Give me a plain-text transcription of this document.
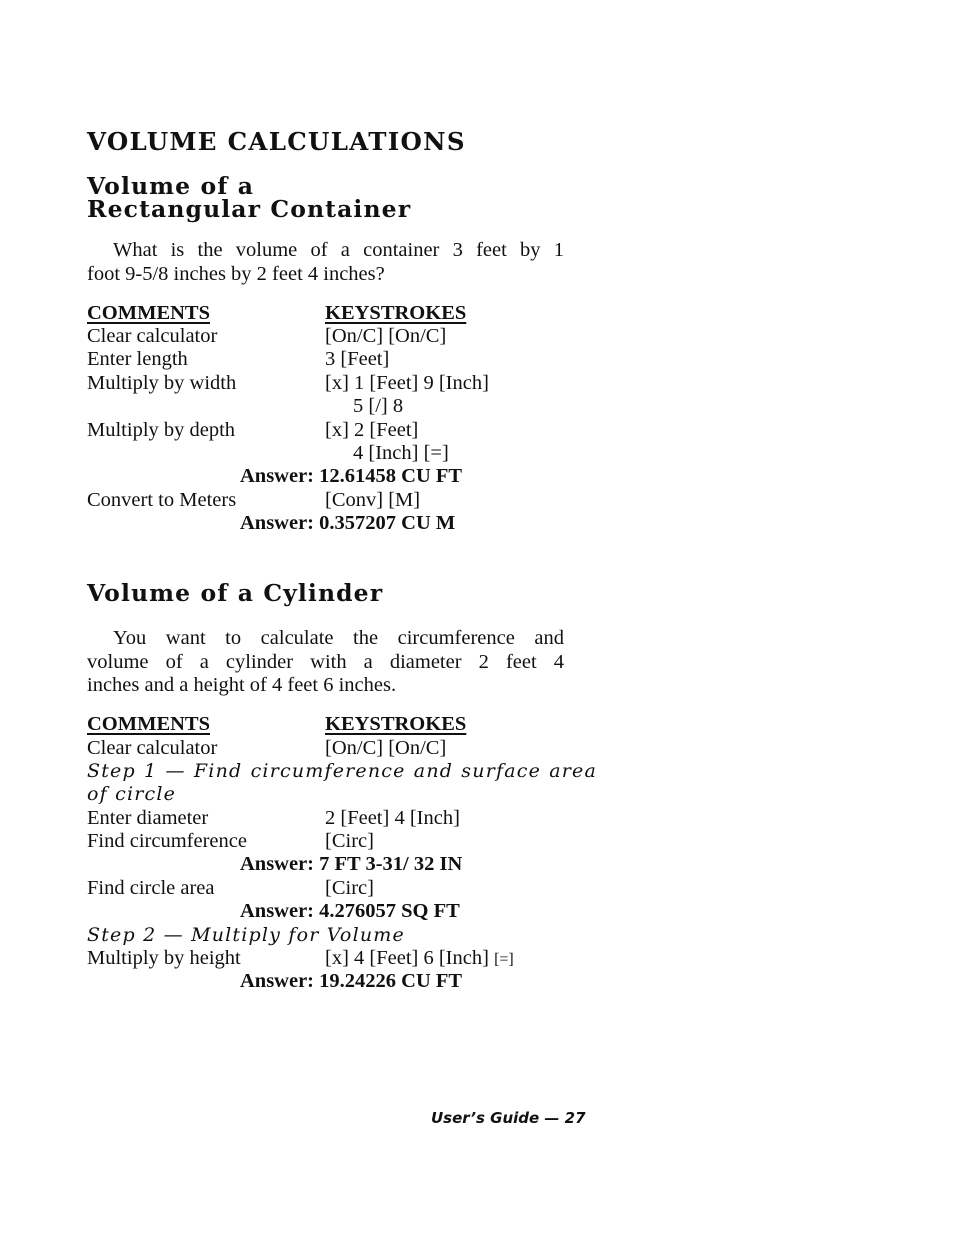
VOLUME CALCULATIONS
Volume of a
Rectangular Container
What is the volume of a container 3 feet by 1
foot 9-5/8 inches by 2 feet 4 inches?
COMMENTS	KEYSTROKES
Clear calculator	[On/C] [On/C]
Enter length	3 [Feet]
Multiply by width	[x] 1 [Feet] 9 [Inch]
5 [/] 8
Multiply by depth	[x] 2 [Feet]
4 [Inch] [=]
Answer: 12.61458 CU FT
Convert to Meters	[Conv] [M]
Answer: 0.357207 CU M
Volume of a Cylinder
You want to calculate the circumference and
volume of a cylinder with a diameter 2 feet 4
inches and a height of 4 feet 6 inches.
COMMENTS	KEYSTROKES
Clear calculator	[On/C] [On/C]
Step 1 — Find circumference and surface area
of circle
Enter diameter	2 [Feet] 4 [Inch]
Find circumference	[Circ]
Answer: 7 FT 3-31/ 32 IN
Find circle area	[Circ]
Answer: 4.276057 SQ FT
Step 2 — Multiply for Volume
Multiply by height	[x] 4 [Feet] 6 [Inch] [=]
Answer: 19.24226 CU FT
User’s Guide — 27
